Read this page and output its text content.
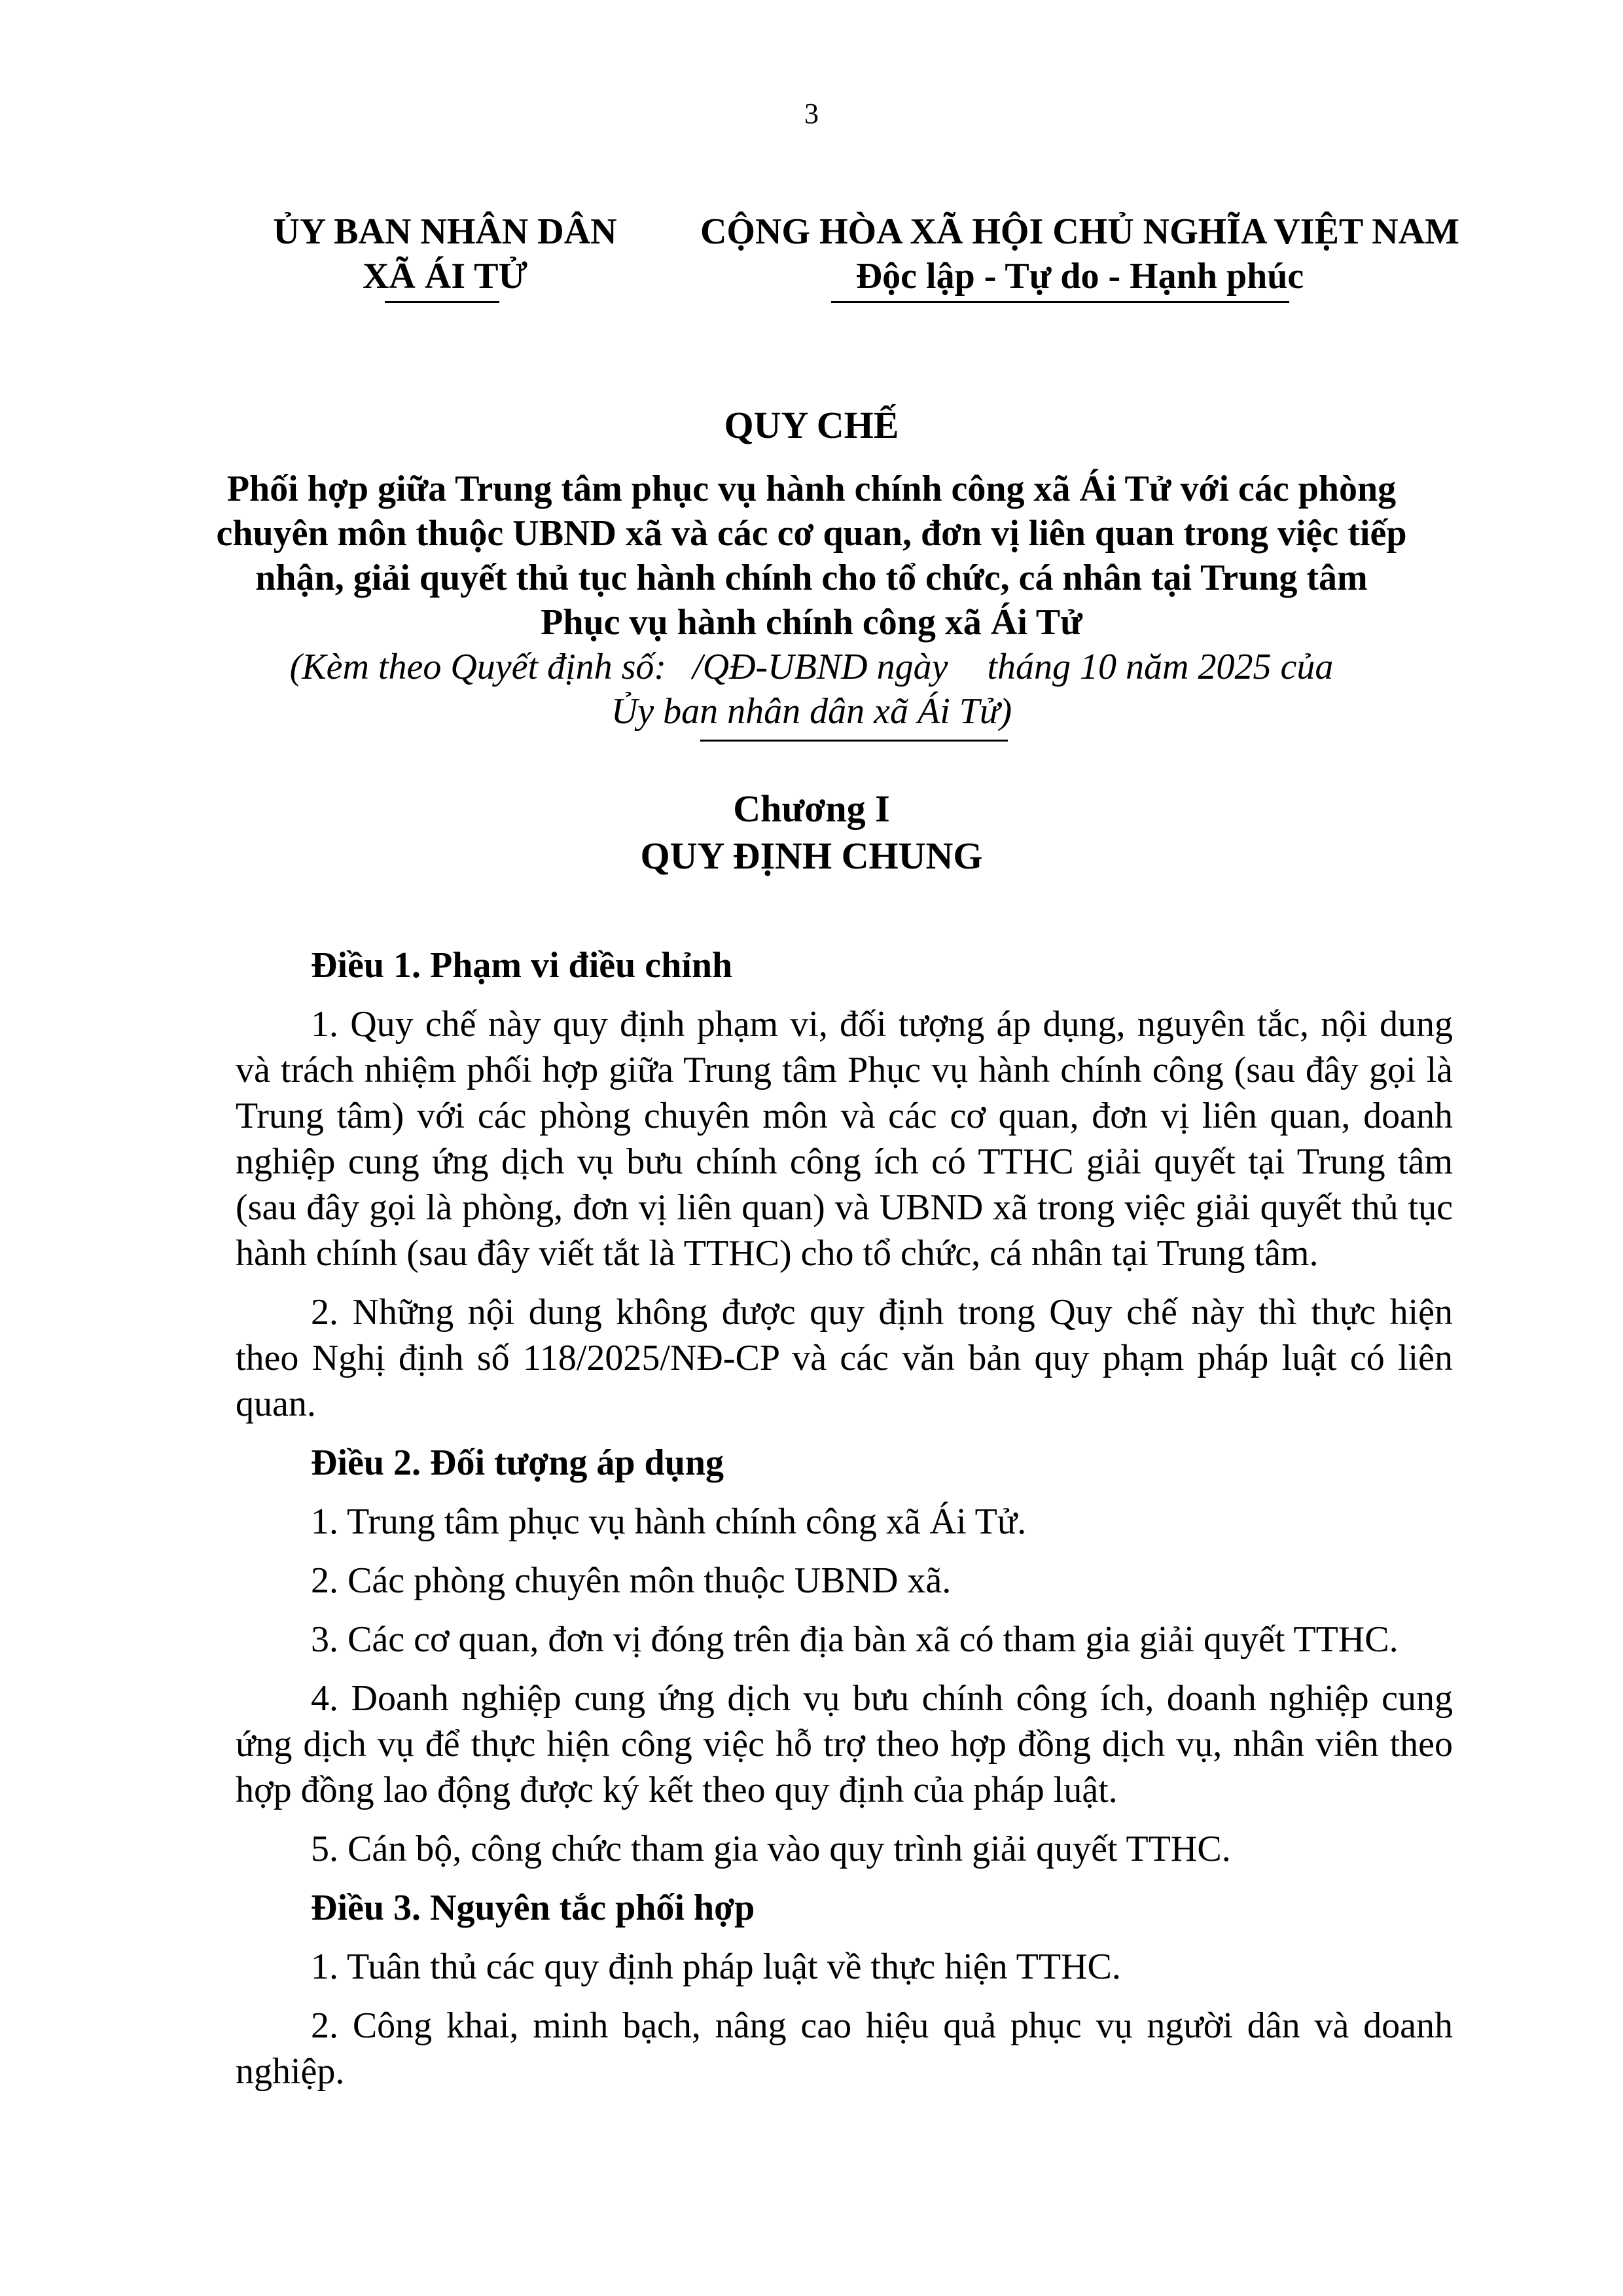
3
ỦY BAN NHÂN DÂN
XÃ ÁI TỬ
CỘNG HÒA XÃ HỘI CHỦ NGHĨA VIỆT NAM
Độc lập - Tự do - Hạnh phúc
QUY CHẾ
Phối hợp giữa Trung tâm phục vụ hành chính công xã Ái Tử với các phòng
chuyên môn thuộc UBND xã và các cơ quan, đơn vị liên quan trong việc tiếp
nhận, giải quyết thủ tục hành chính cho tổ chức, cá nhân tại Trung tâm
Phục vụ hành chính công xã Ái Tử
(Kèm theo Quyết định số: /QĐ-UBND ngày tháng 10 năm 2025 của
Ủy ban nhân dân xã Ái Tử)
Chương I
QUY ĐỊNH CHUNG

Điều 1. Phạm vi điều chỉnh

1. Quy chế này quy định phạm vi, đối tượng áp dụng, nguyên tắc, nội dung và trách nhiệm phối hợp giữa Trung tâm Phục vụ hành chính công (sau đây gọi là Trung tâm) với các phòng chuyên môn và các cơ quan, đơn vị liên quan, doanh nghiệp cung ứng dịch vụ bưu chính công ích có TTHC giải quyết tại Trung tâm (sau đây gọi là phòng, đơn vị liên quan) và UBND xã trong việc giải quyết thủ tục hành chính (sau đây viết tắt là TTHC) cho tổ chức, cá nhân tại Trung tâm.

2. Những nội dung không được quy định trong Quy chế này thì thực hiện theo Nghị định số 118/2025/NĐ-CP và các văn bản quy phạm pháp luật có liên quan.

Điều 2. Đối tượng áp dụng

1. Trung tâm phục vụ hành chính công xã Ái Tử.

2. Các phòng chuyên môn thuộc UBND xã.

3. Các cơ quan, đơn vị đóng trên địa bàn xã có tham gia giải quyết TTHC.

4. Doanh nghiệp cung ứng dịch vụ bưu chính công ích, doanh nghiệp cung ứng dịch vụ để thực hiện công việc hỗ trợ theo hợp đồng dịch vụ, nhân viên theo hợp đồng lao động được ký kết theo quy định của pháp luật.

5. Cán bộ, công chức tham gia vào quy trình giải quyết TTHC.

Điều 3. Nguyên tắc phối hợp

1. Tuân thủ các quy định pháp luật về thực hiện TTHC.

2. Công khai, minh bạch, nâng cao hiệu quả phục vụ người dân và doanh nghiệp.
